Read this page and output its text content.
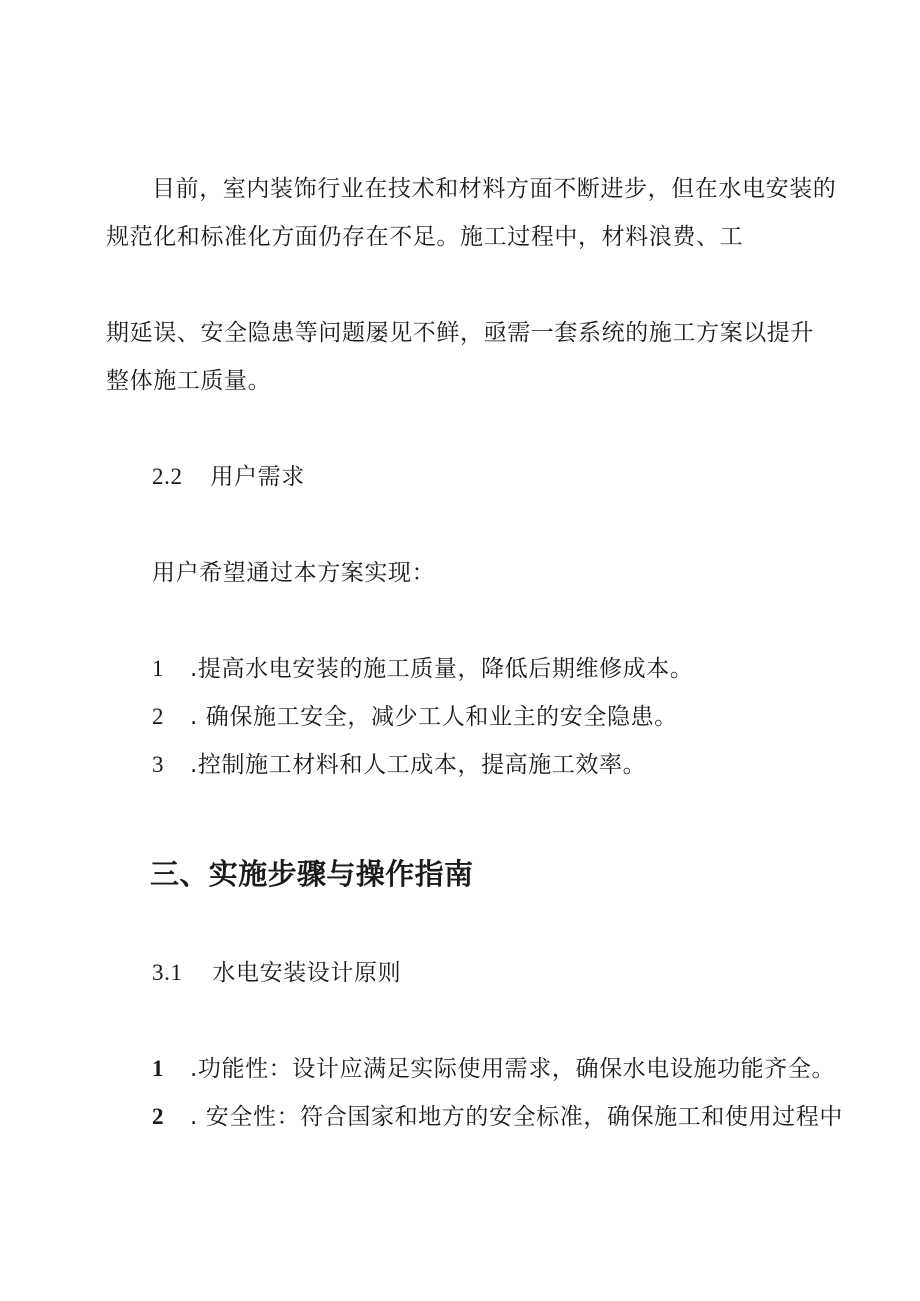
目前，室内装饰行业在技术和材料方面不断进步，但在水电安装的
规范化和标准化方面仍存在不足。施工过程中，材料浪费、工
期延误、安全隐患等问题屡见不鲜，亟需一套系统的施工方案以提升
整体施工质量。
2.2 用户需求
用户希望通过本方案实现：
1 .提高水电安装的施工质量，降低后期维修成本。
2 . 确保施工安全，减少工人和业主的安全隐患。
3 .控制施工材料和人工成本，提高施工效率。
三、实施步骤与操作指南
3.1 水电安装设计原则
1 .功能性：设计应满足实际使用需求，确保水电设施功能齐全。
2 . 安全性：符合国家和地方的安全标准，确保施工和使用过程中
